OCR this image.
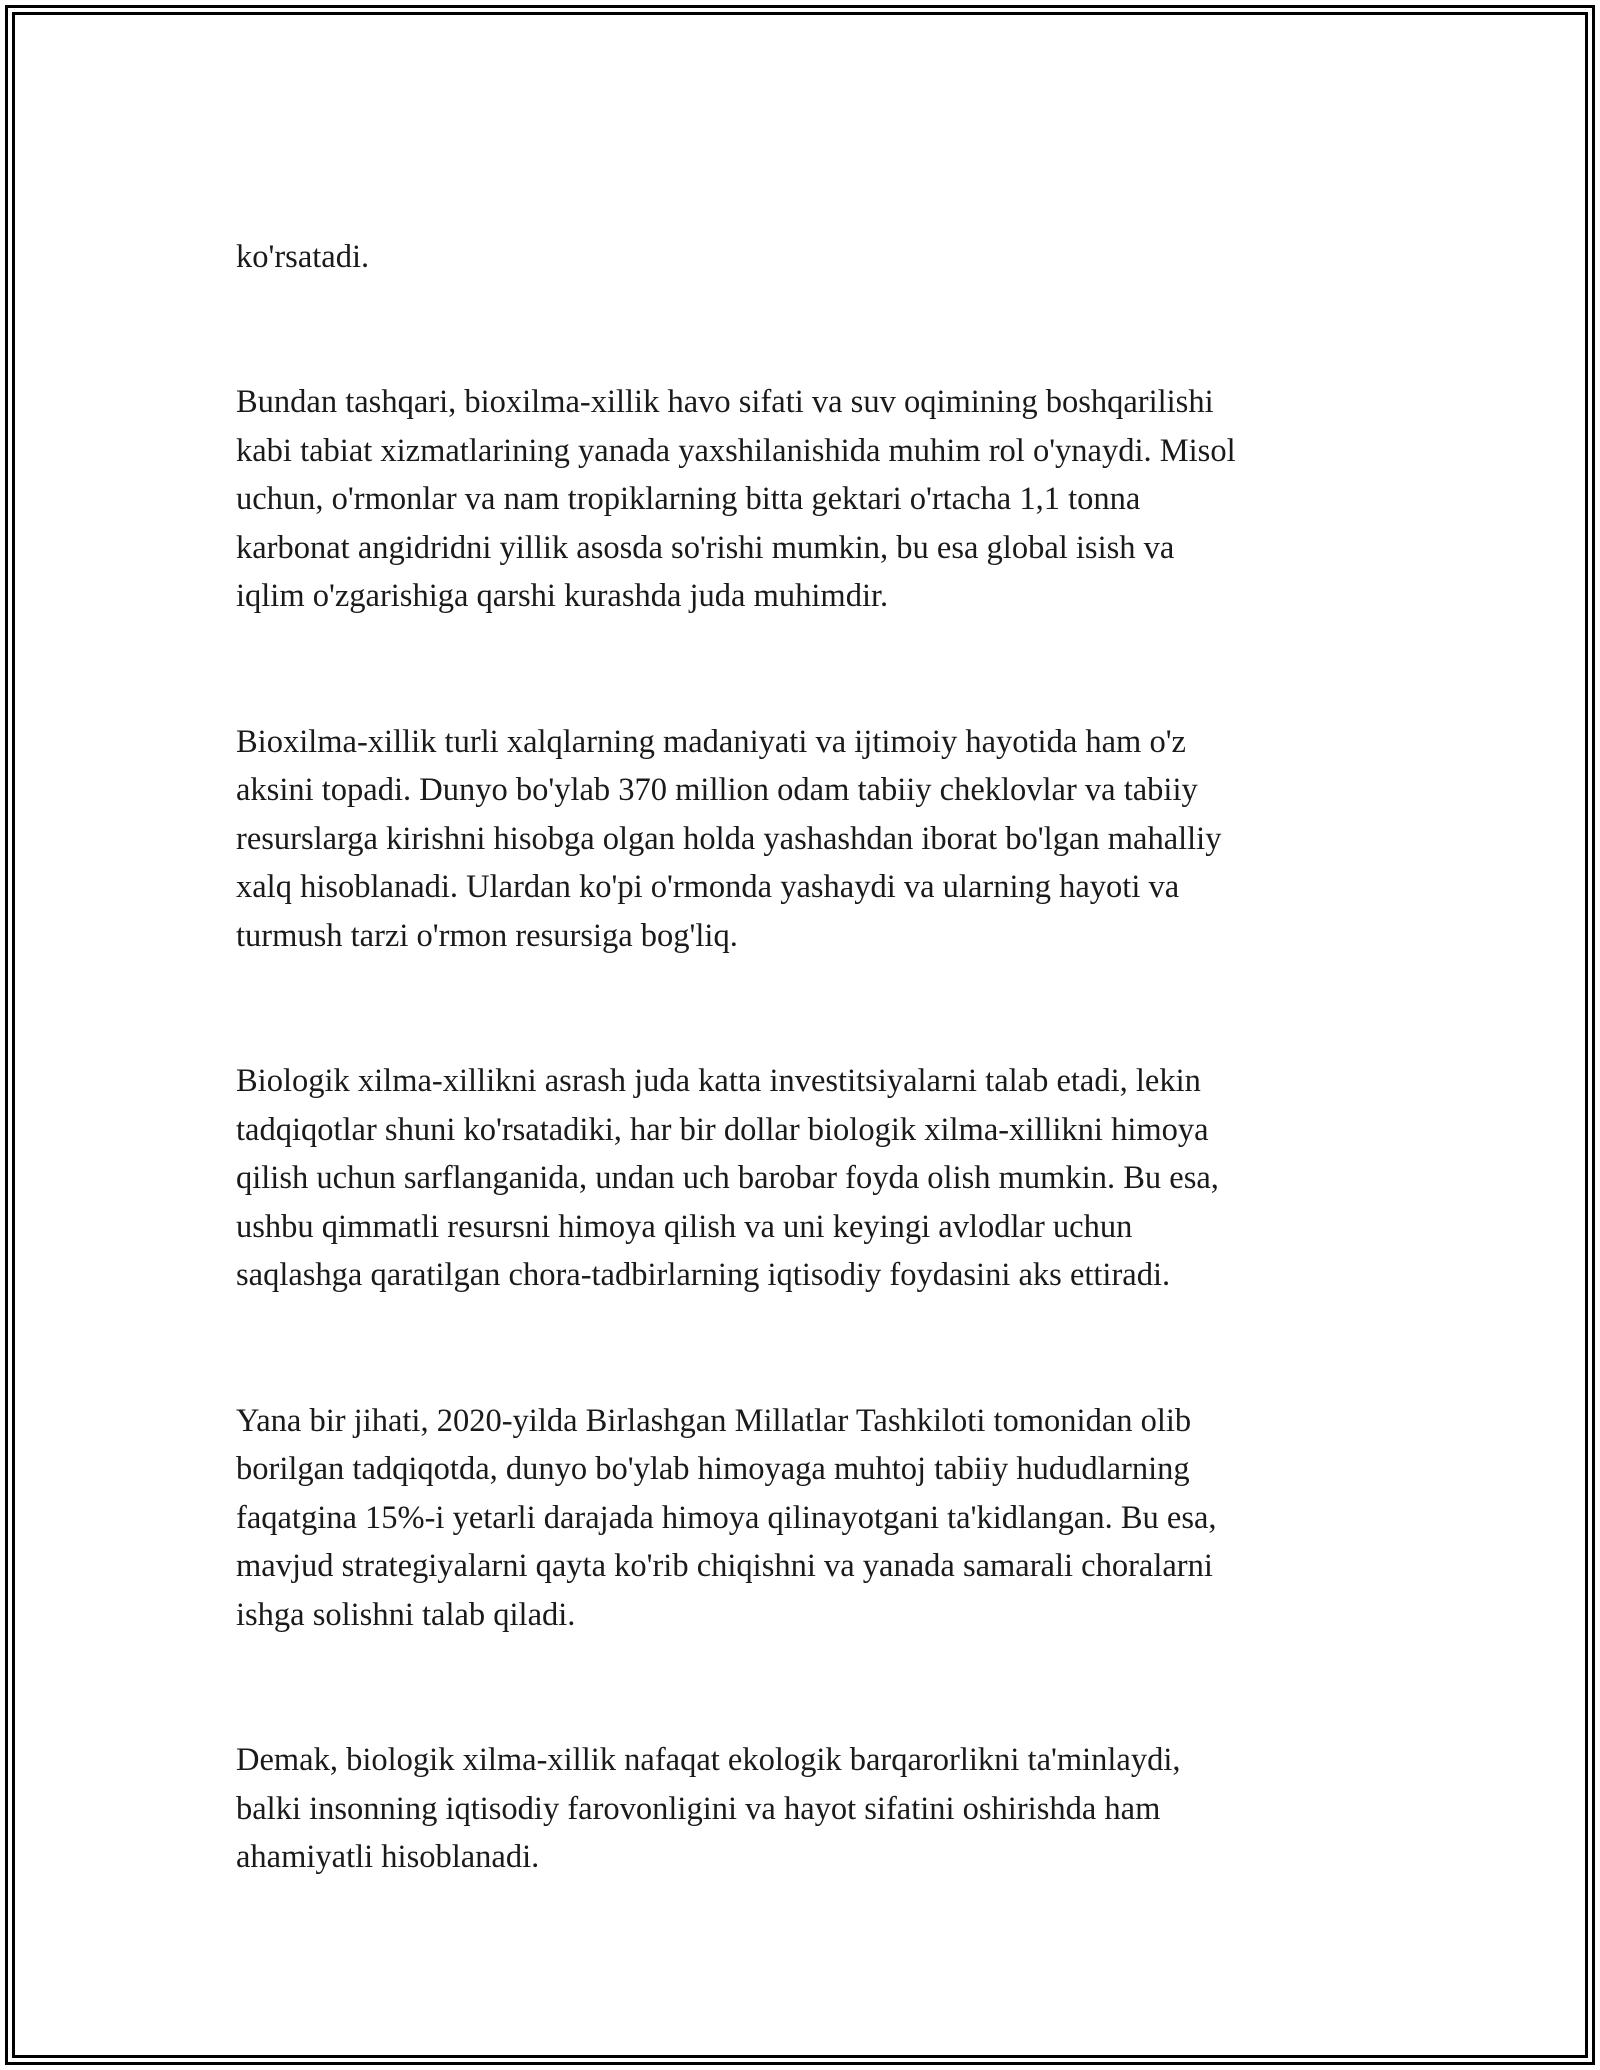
ko'rsatadi.

Bundan tashqari, bioxilma-xillik havo sifati va suv oqimining boshqarilishi
kabi tabiat xizmatlarining yanada yaxshilanishida muhim rol o'ynaydi. Misol
uchun, o'rmonlar va nam tropiklarning bitta gektari o'rtacha 1,1 tonna
karbonat angidridni yillik asosda so'rishi mumkin, bu esa global isish va
iqlim o'zgarishiga qarshi kurashda juda muhimdir.

Bioxilma-xillik turli xalqlarning madaniyati va ijtimoiy hayotida ham o'z
aksini topadi. Dunyo bo'ylab 370 million odam tabiiy cheklovlar va tabiiy
resurslarga kirishni hisobga olgan holda yashashdan iborat bo'lgan mahalliy
xalq hisoblanadi. Ulardan ko'pi o'rmonda yashaydi va ularning hayoti va
turmush tarzi o'rmon resursiga bog'liq.

Biologik xilma-xillikni asrash juda katta investitsiyalarni talab etadi, lekin
tadqiqotlar shuni ko'rsatadiki, har bir dollar biologik xilma-xillikni himoya
qilish uchun sarflanganida, undan uch barobar foyda olish mumkin. Bu esa,
ushbu qimmatli resursni himoya qilish va uni keyingi avlodlar uchun
saqlashga qaratilgan chora-tadbirlarning iqtisodiy foydasini aks ettiradi.

Yana bir jihati, 2020-yilda Birlashgan Millatlar Tashkiloti tomonidan olib
borilgan tadqiqotda, dunyo bo'ylab himoyaga muhtoj tabiiy hududlarning
faqatgina 15%-i yetarli darajada himoya qilinayotgani ta'kidlangan. Bu esa,
mavjud strategiyalarni qayta ko'rib chiqishni va yanada samarali choralarni
ishga solishni talab qiladi.

Demak, biologik xilma-xillik nafaqat ekologik barqarorlikni ta'minlaydi,
balki insonning iqtisodiy farovonligini va hayot sifatini oshirishda ham
ahamiyatli hisoblanadi.
